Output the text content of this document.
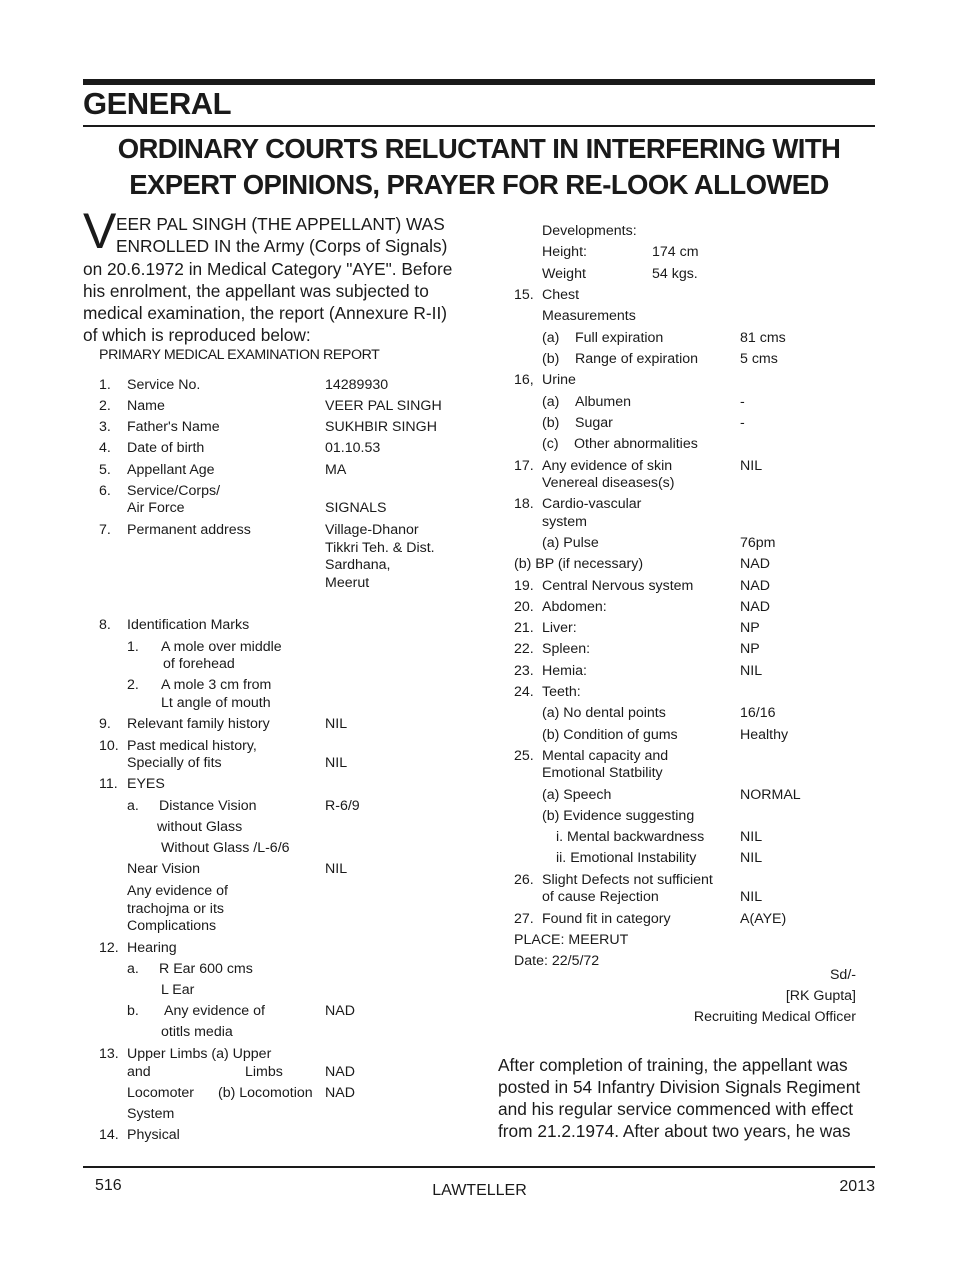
GENERAL
ORDINARY COURTS RELUCTANT IN INTERFERING WITH
EXPERT OPINIONS, PRAYER FOR RE-LOOK ALLOWED
V EER PAL SINGH (THE APPELLANT) WAS
ENROLLED IN the Army (Corps of Signals)
on 20.6.1972 in Medical Category "AYE". Before
his enrolment, the appellant was subjected to
medical examination, the report (Annexure R-II)
of which is reproduced below:
PRIMARY MEDICAL EXAMINATION REPORT
1. Service No.	14289930
2. Name	VEER PAL SINGH
3. Father's Name	SUKHBIR SINGH
4. Date of birth	01.10.53
5. Appellant Age	MA
6. Service/Corps/
Air Force	SIGNALS
7. Permanent address	Village-Dhanor
Tikkri Teh. & Dist.
Sardhana,
Meerut
8. Identification Marks
1. A mole over middle
of forehead
2. A mole 3 cm from
Lt angle of mouth
9. Relevant family history	NIL
10. Past medical history,
Specially of fits	NIL
11. EYES
a. Distance Vision	R-6/9
without Glass
Without Glass /L-6/6
Near Vision	NIL
Any evidence of
trachojma or its
Complications
12. Hearing
a. R Ear 600 cms
L Ear
b. Any evidence of	NAD
otitls media
13. Upper Limbs (a) Upper
and	Limbs	NAD
Locomoter (b) Locomotion NAD
System
14. Physical
Developments:
Height:	174 cm
Weight	54 kgs.
15. Chest
Measurements
(a) Full expiration	81 cms
(b) Range of expiration	5 cms
16, Urine
(a) Albumen	-
(b) Sugar	-
(c) Other abnormalities
17. Any evidence of skin	NIL
Venereal diseases(s)
18. Cardio-vascular
system
(a) Pulse	76pm
(b) BP (if necessary)	NAD
19. Central Nervous system	NAD
20. Abdomen:	NAD
21. Liver:	NP
22. Spleen:	NP
23. Hemia:	NIL
24. Teeth:
(a) No dental points	16/16
(b) Condition of gums	Healthy
25. Mental capacity and
Emotional Statbility
(a) Speech	NORMAL
(b) Evidence suggesting
i. Mental backwardness	NIL
ii. Emotional Instability	NIL
26. Slight Defects not sufficient
of cause Rejection	NIL
27. Found fit in category	A(AYE)
PLACE: MEERUT
Date: 22/5/72
Sd/-
[RK Gupta]
Recruiting Medical Officer
After completion of training, the appellant was
posted in 54 Infantry Division Signals Regiment
and his regular service commenced with effect
from 21.2.1974. After about two years, he was
516	LAWTELLER	2013
